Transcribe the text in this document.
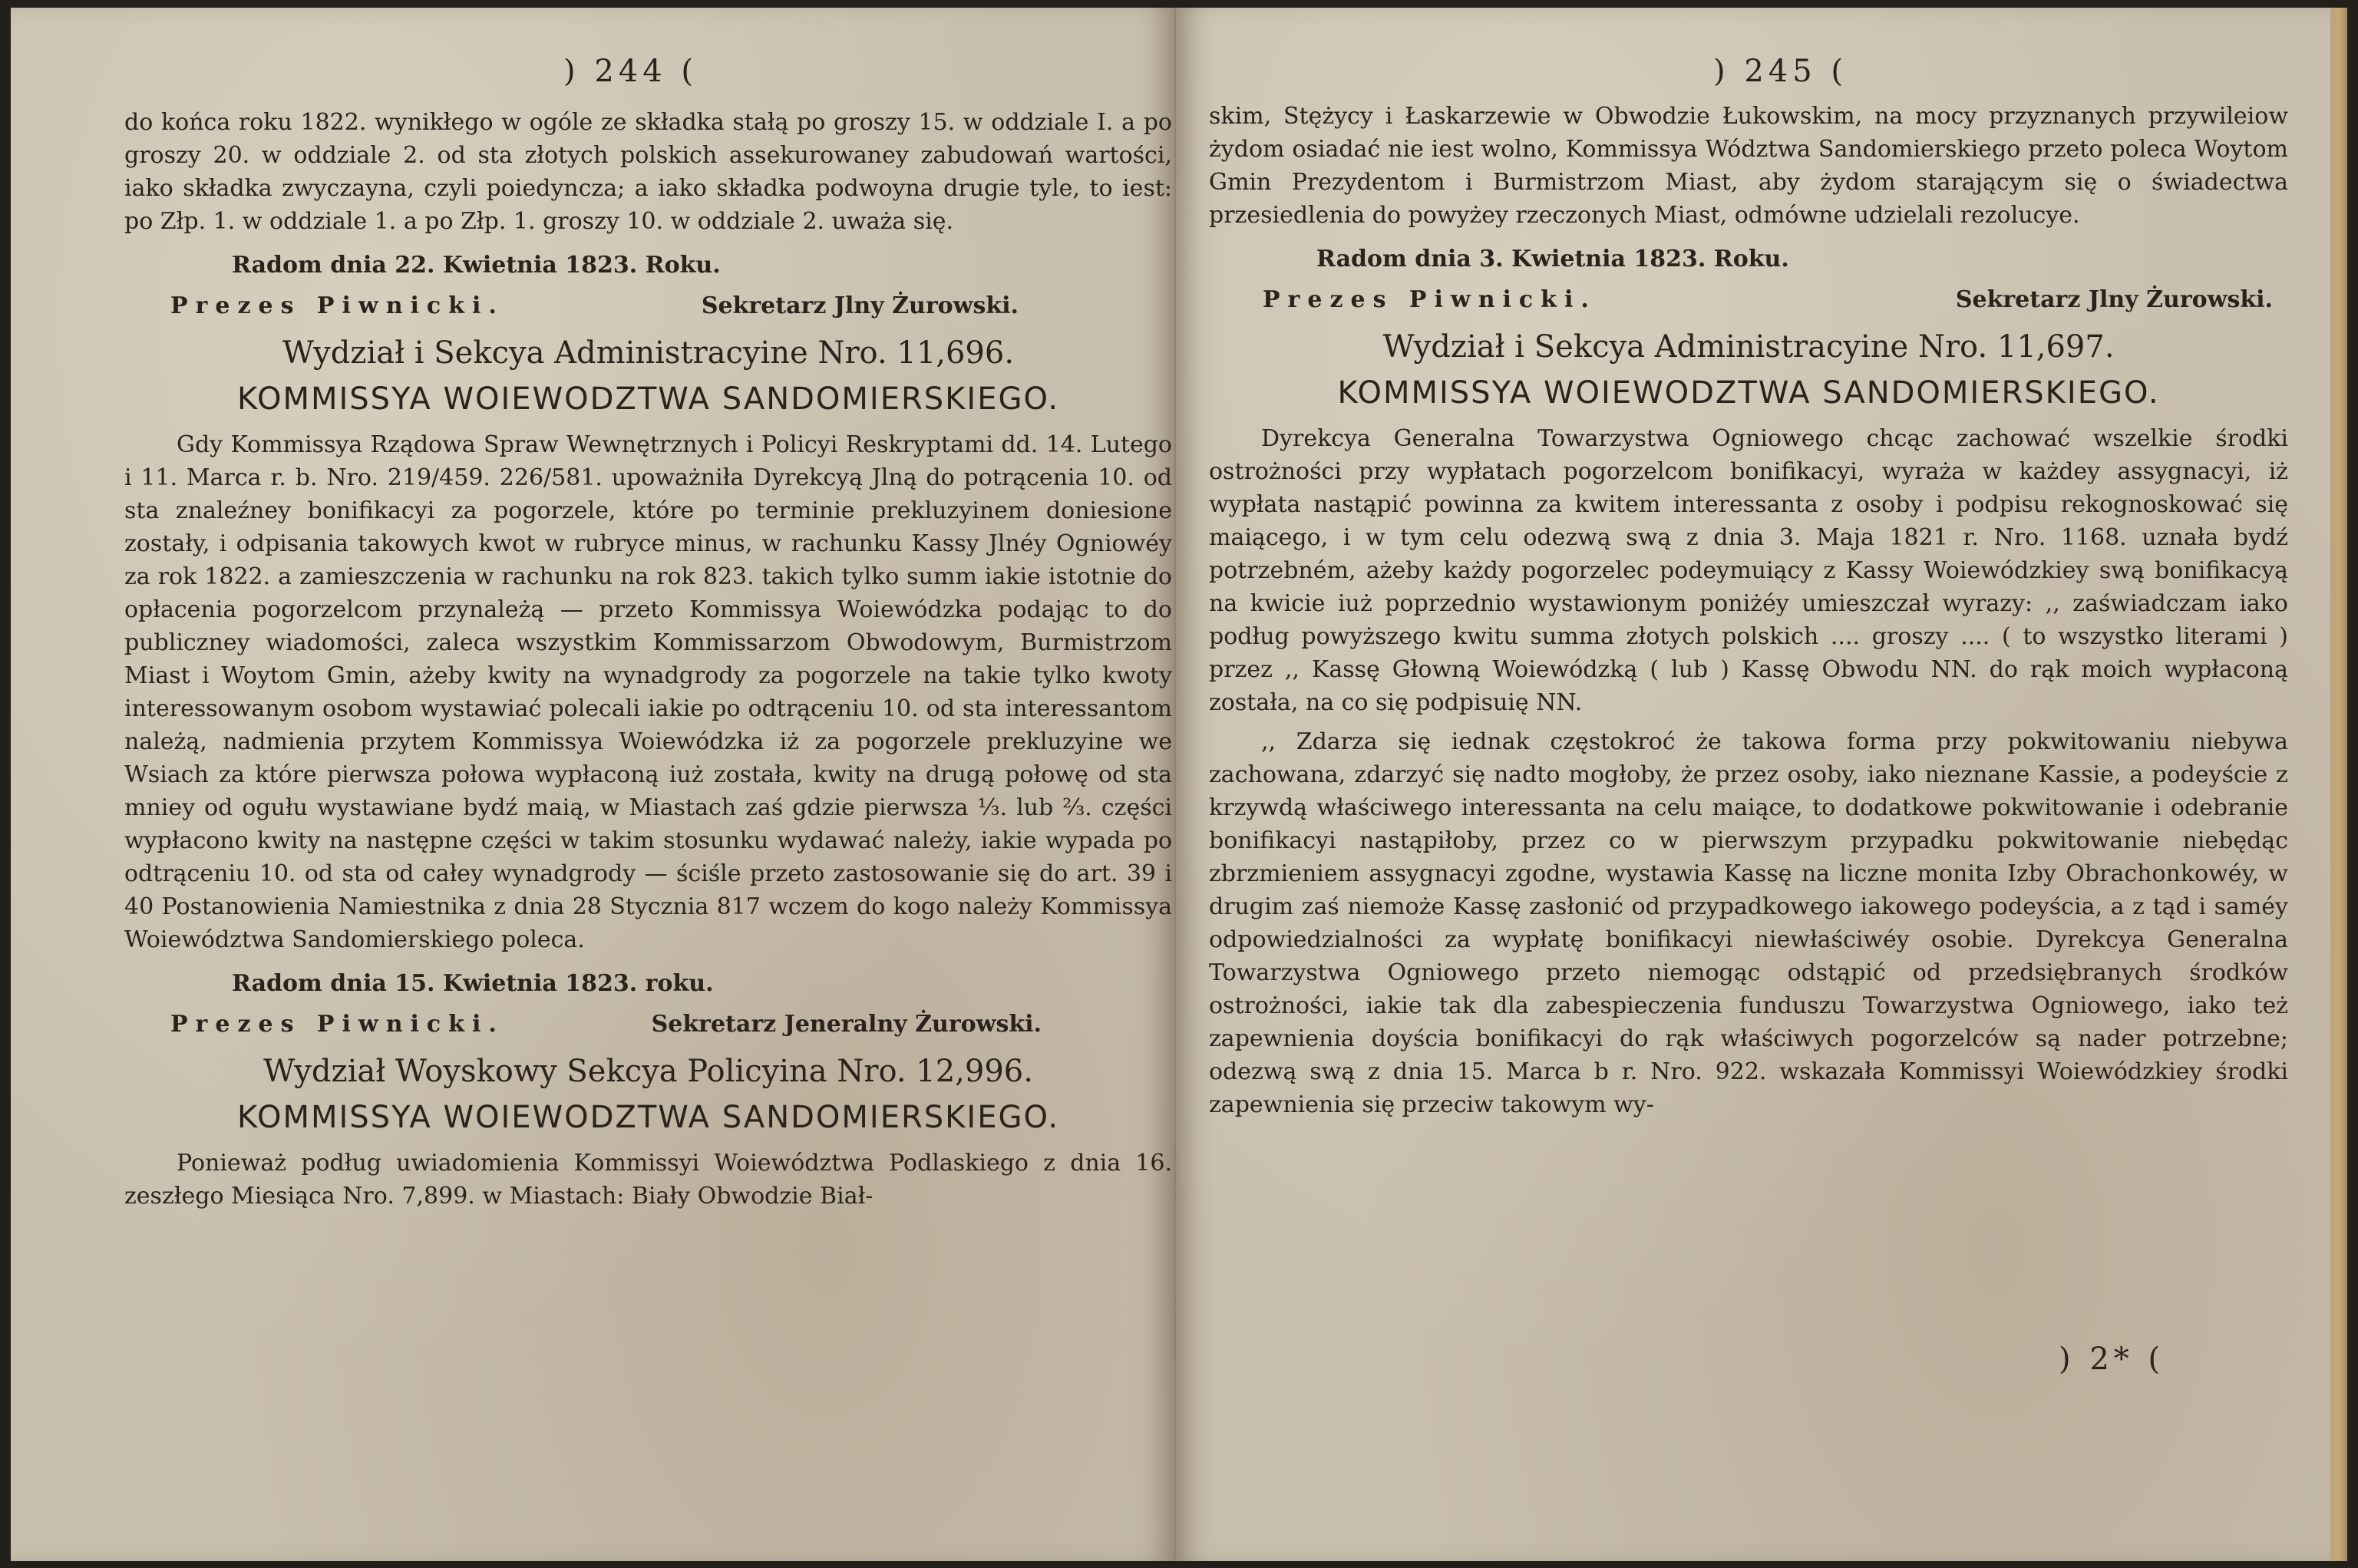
) 244 (

do końca roku 1822. wynikłego w ogóle ze składka stałą po groszy 15. w oddziale I. a po groszy 20. w oddziale 2. od sta złotych polskich assekurowaney zabudowań wartości, iako składka zwyczayna, czyli poiedyncza; a iako składka podwoyna drugie tyle, to iest: po Złp. 1. w oddziale 1. a po Złp. 1. groszy 10. w oddziale 2. uważa się.

Radom dnia 22. Kwietnia 1823. Roku.
Prezes Piwnicki.	Sekretarz Jlny Żurowski.
Wydział i Sekcya Administracyine Nro. 11,696.
KOMMISSYA WOIEWODZTWA SANDOMIERSKIEGO.

Gdy Kommissya Rządowa Spraw Wewnętrznych i Policyi Reskryptami dd. 14. Lutego i 11. Marca r. b. Nro. 219/459. 226/581. upoważniła Dyrekcyą Jlną do potrącenia 10. od sta znaleźney bonifikacyi za pogorzele, które po terminie prekluzyinem doniesione zostały, i odpisania takowych kwot w rubryce minus, w rachunku Kassy Jlnéy Ogniowéy za rok 1822. a zamieszczenia w rachunku na rok 823. takich tylko summ iakie istotnie do opłacenia pogorzelcom przynależą — przeto Kommissya Woiewódzka podając to do publiczney wiadomości, zaleca wszystkim Kommissarzom Obwodowym, Burmistrzom Miast i Woytom Gmin, ażeby kwity na wynadgrody za pogorzele na takie tylko kwoty interessowanym osobom wystawiać polecali iakie po odtrąceniu 10. od sta interessantom należą, nadmienia przytem Kommissya Woiewódzka iż za pogorzele prekluzyine we Wsiach za które pierwsza połowa wypłaconą iuż została, kwity na drugą połowę od sta mniey od ogułu wystawiane bydź maią, w Miastach zaś gdzie pierwsza ⅓. lub ⅔. części wypłacono kwity na następne części w takim stosunku wydawać należy, iakie wypada po odtrąceniu 10. od sta od całey wynadgrody — ściśle przeto zastosowanie się do art. 39 i 40 Postanowienia Namiestnika z dnia 28 Stycznia 817 wczem do kogo należy Kommissya Woiewództwa Sandomierskiego poleca.

Radom dnia 15. Kwietnia 1823. roku.
Prezes Piwnicki.	Sekretarz Jeneralny Żurowski.
Wydział Woyskowy Sekcya Policyina Nro. 12,996.
KOMMISSYA WOIEWODZTWA SANDOMIERSKIEGO.

Ponieważ podług uwiadomienia Kommissyi Woiewództwa Podlaskiego z dnia 16. zeszłego Miesiąca Nro. 7,899. w Miastach: Biały Obwodzie Biał-

) 245 (

skim, Stężycy i Łaskarzewie w Obwodzie Łukowskim, na mocy przyznanych przywileiow żydom osiadać nie iest wolno, Kommissya Wództwa Sandomierskiego przeto poleca Woytom Gmin Prezydentom i Burmistrzom Miast, aby żydom starającym się o świadectwa przesiedlenia do powyżey rzeczonych Miast, odmówne udzielali rezolucye.

Radom dnia 3. Kwietnia 1823. Roku.
Prezes Piwnicki.	Sekretarz Jlny Żurowski.
Wydział i Sekcya Administracyine Nro. 11,697.
KOMMISSYA WOIEWODZTWA SANDOMIERSKIEGO.

Dyrekcya Generalna Towarzystwa Ogniowego chcąc zachować wszelkie środki ostrożności przy wypłatach pogorzelcom bonifikacyi, wyraża w każdey assygnacyi, iż wypłata nastąpić powinna za kwitem interessanta z osoby i podpisu rekognoskować się maiącego, i w tym celu odezwą swą z dnia 3. Maja 1821 r. Nro. 1168. uznała bydź potrzebném, ażeby każdy pogorzelec podeymuiący z Kassy Woiewódzkiey swą bonifikacyą na kwicie iuż poprzednio wystawionym poniżéy umieszczał wyrazy: ,, zaświadczam iako podług powyższego kwitu summa złotych polskich .... groszy .... ( to wszystko literami ) przez ,, Kassę Głowną Woiewódzką ( lub ) Kassę Obwodu NN. do rąk moich wypłaconą została, na co się podpisuię NN.

,, Zdarza się iednak częstokroć że takowa forma przy pokwitowaniu niebywa zachowana, zdarzyć się nadto mogłoby, że przez osoby, iako nieznane Kassie, a podeyście z krzywdą właściwego interessanta na celu maiące, to dodatkowe pokwitowanie i odebranie bonifikacyi nastąpiłoby, przez co w pierwszym przypadku pokwitowanie niebędąc zbrzmieniem assygnacyi zgodne, wystawia Kassę na liczne monita Izby Obrachonkowéy, w drugim zaś niemoże Kassę zasłonić od przypadkowego iakowego podeyścia, a z tąd i saméy odpowiedzialności za wypłatę bonifikacyi niewłaściwéy osobie. Dyrekcya Generalna Towarzystwa Ogniowego przeto niemogąc odstąpić od przedsiębranych środków ostrożności, iakie tak dla zabespieczenia funduszu Towarzystwa Ogniowego, iako też zapewnienia doyścia bonifikacyi do rąk właściwych pogorzelców są nader potrzebne; odezwą swą z dnia 15. Marca b r. Nro. 922. wskazała Kommissyi Woiewódzkiey środki zapewnienia się przeciw takowym wy-

) 2* (
